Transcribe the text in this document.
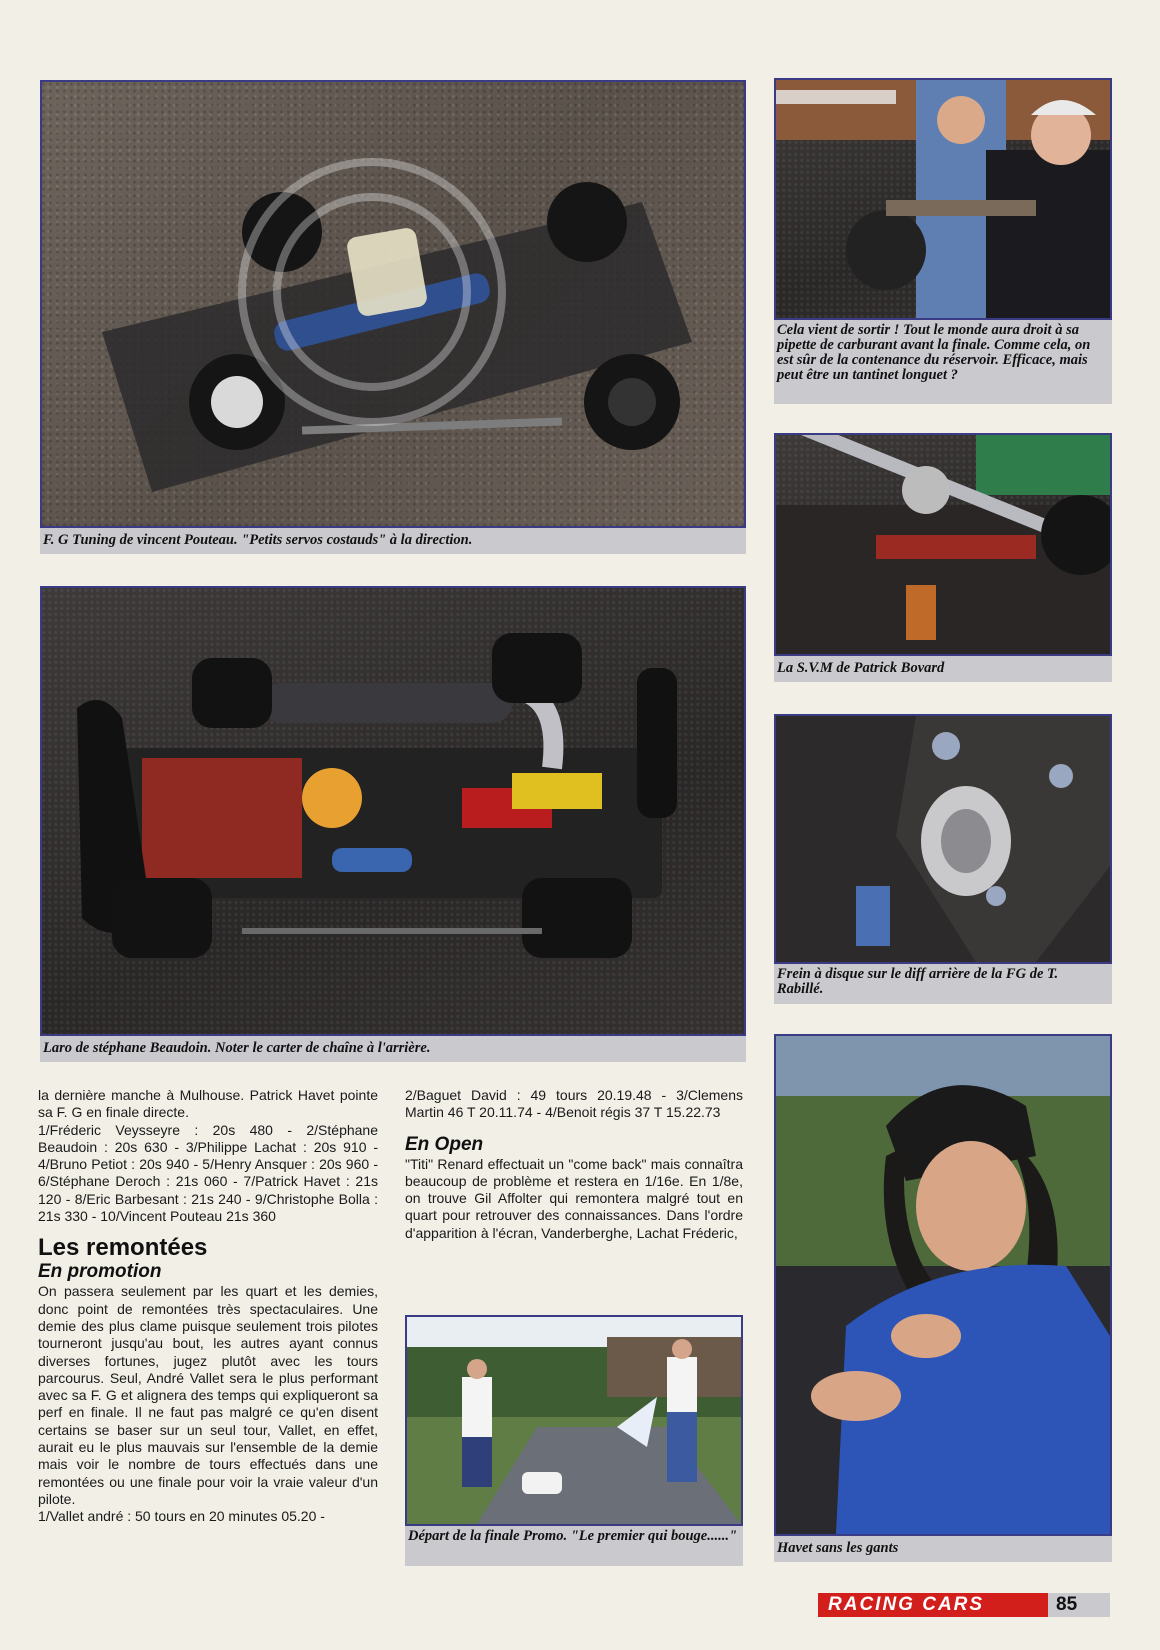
F. G Tuning de vincent Pouteau. "Petits servos costauds" à la direction.
Cela vient de sortir ! Tout le monde aura droit à sa pipette de carburant avant la finale. Comme cela, on est sûr de la contenance du réservoir. Efficace, mais peut être un tantinet longuet ?
La S.V.M de Patrick Bovard
Laro de stéphane Beaudoin. Noter le carter de chaîne à l'arrière.
Frein à disque sur le diff arrière de la FG de T. Rabillé.
Havet sans les gants
Départ de la finale Promo. "Le premier qui bouge......"

la dernière manche à Mulhouse. Patrick Havet pointe sa F. G en finale directe.

1/Fréderic Veysseyre : 20s 480 - 2/Stéphane Beaudoin : 20s 630 - 3/Philippe Lachat : 20s 910 - 4/Bruno Petiot : 20s 940 - 5/Henry Ansquer : 20s 960 - 6/Stéphane Deroch : 21s 060 - 7/Patrick Havet : 21s 120 - 8/Eric Barbesant : 21s 240 - 9/Christophe Bolla : 21s 330 - 10/Vincent Pouteau 21s 360

Les remontées
En promotion

On passera seulement par les quart et les demies, donc point de remontées très spectaculaires. Une demie des plus clame puisque seulement trois pilotes tourneront jusqu'au bout, les autres ayant connus diverses fortunes, jugez plutôt avec les tours parcourus. Seul, André Vallet sera le plus performant avec sa F. G et alignera des temps qui expliqueront sa perf en finale. Il ne faut pas malgré ce qu'en disent certains se baser sur un seul tour, Vallet, en effet, aurait eu le plus mauvais sur l'ensemble de la demie mais voir le nombre de tours effectués dans une remontées ou une finale pour voir la vraie valeur d'un pilote.

1/Vallet andré : 50 tours en 20 minutes 05.20 -

2/Baguet David : 49 tours 20.19.48 - 3/Clemens Martin 46 T 20.11.74 - 4/Benoit régis 37 T 15.22.73

En Open

"Titi" Renard effectuait un "come back" mais connaîtra beaucoup de problème et restera en 1/16e. En 1/8e, on trouve Gil Affolter qui remontera malgré tout en quart pour retrouver des connaissances. Dans l'ordre d'apparition à l'écran, Vanderberghe, Lachat Fréderic,

RACING CARS	85
